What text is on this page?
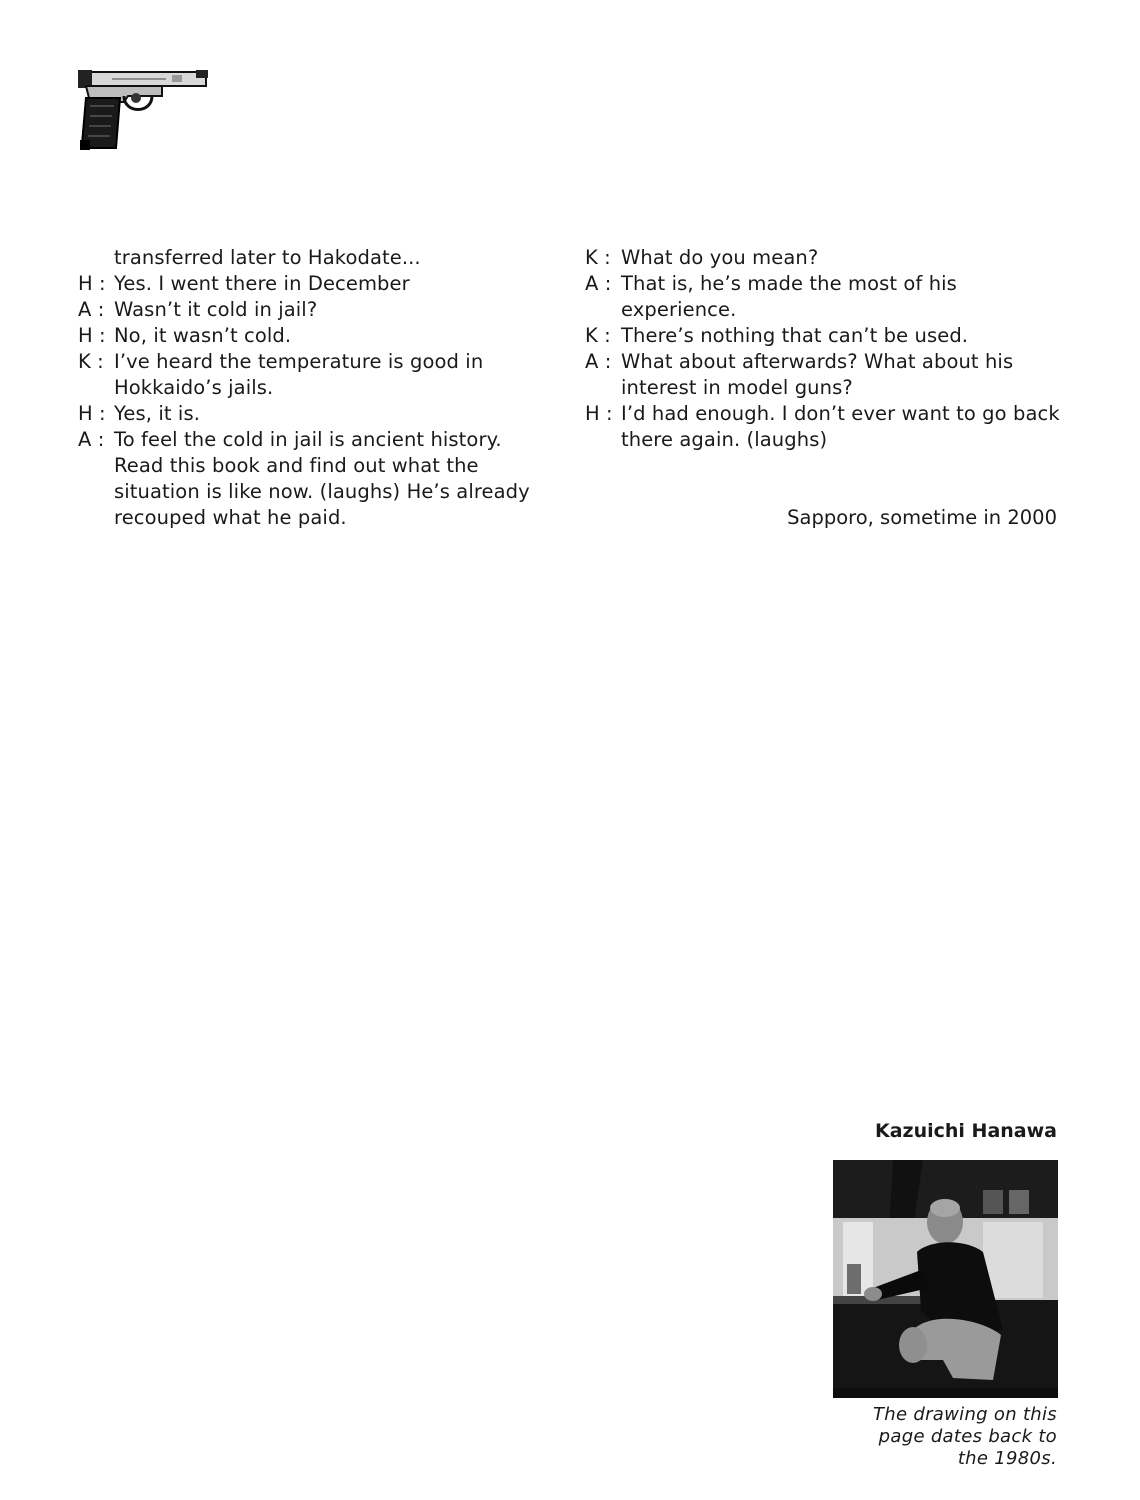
transferred later to Hakodate...
H : Yes. I went there in December
A : Wasn’t it cold in jail?
H : No, it wasn’t cold.
K : I’ve heard the temperature is good in
Hokkaido’s jails.
H : Yes, it is.
A : To feel the cold in jail is ancient history.
Read this book and find out what the
situation is like now. (laughs) He’s already
recouped what he paid.
K : What do you mean?
A : That is, he’s made the most of his
experience.
K : There’s nothing that can’t be used.
A : What about afterwards? What about his
interest in model guns?
H : I’d had enough. I don’t ever want to go back
there again. (laughs)
Sapporo, sometime in 2000
Kazuichi Hanawa
The drawing on this
page dates back to
the 1980s.
